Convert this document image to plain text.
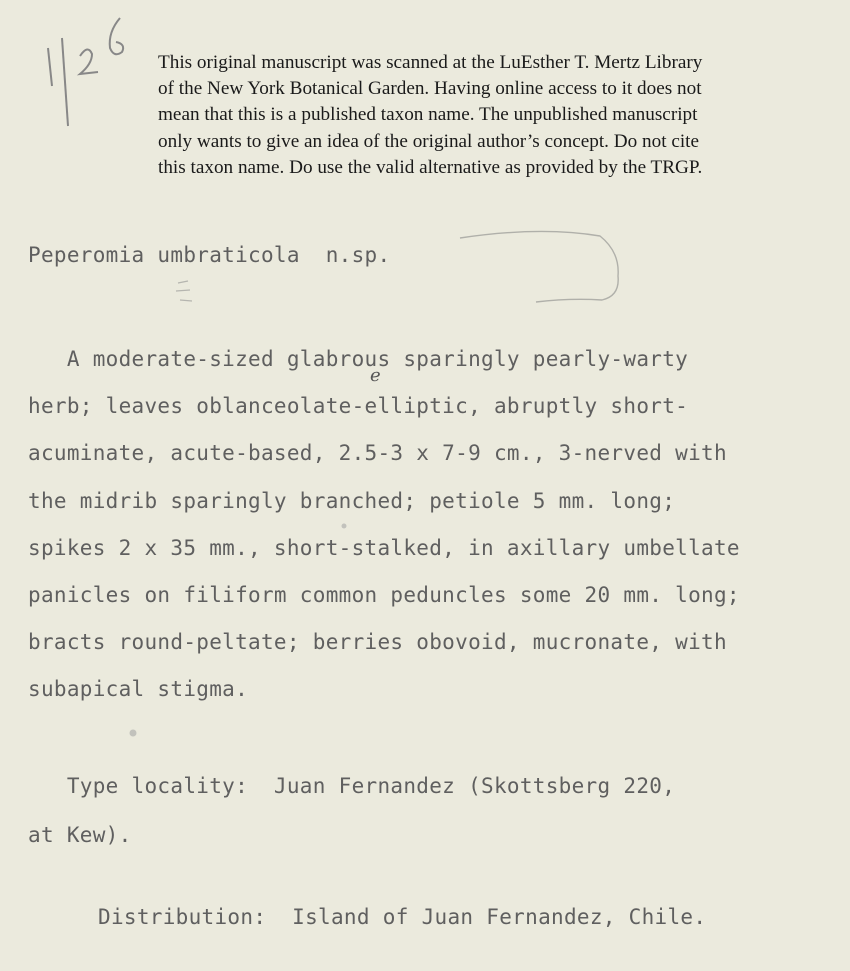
This original manuscript was scanned at the LuEsther T. Mertz Library
of the New York Botanical Garden. Having online access to it does not
mean that this is a published taxon name. The unpublished manuscript
only wants to give an idea of the original author’s concept. Do not cite
this taxon name. Do use the valid alternative as provided by the TRGP.
Peperomia umbraticola  n.sp.
e
A moderate-sized glabrous sparingly pearly-warty
herb; leaves oblanceolate-elliptic, abruptly short-
acuminate, acute-based, 2.5-3 x 7-9 cm., 3-nerved with
the midrib sparingly branched; petiole 5 mm. long;
spikes 2 x 35 mm., short-stalked, in axillary umbellate
panicles on filiform common peduncles some 20 mm. long;
bracts round-peltate; berries obovoid, mucronate, with
subapical stigma.
Type locality:  Juan Fernandez (Skottsberg 220,
at Kew).
Distribution:  Island of Juan Fernandez, Chile.
